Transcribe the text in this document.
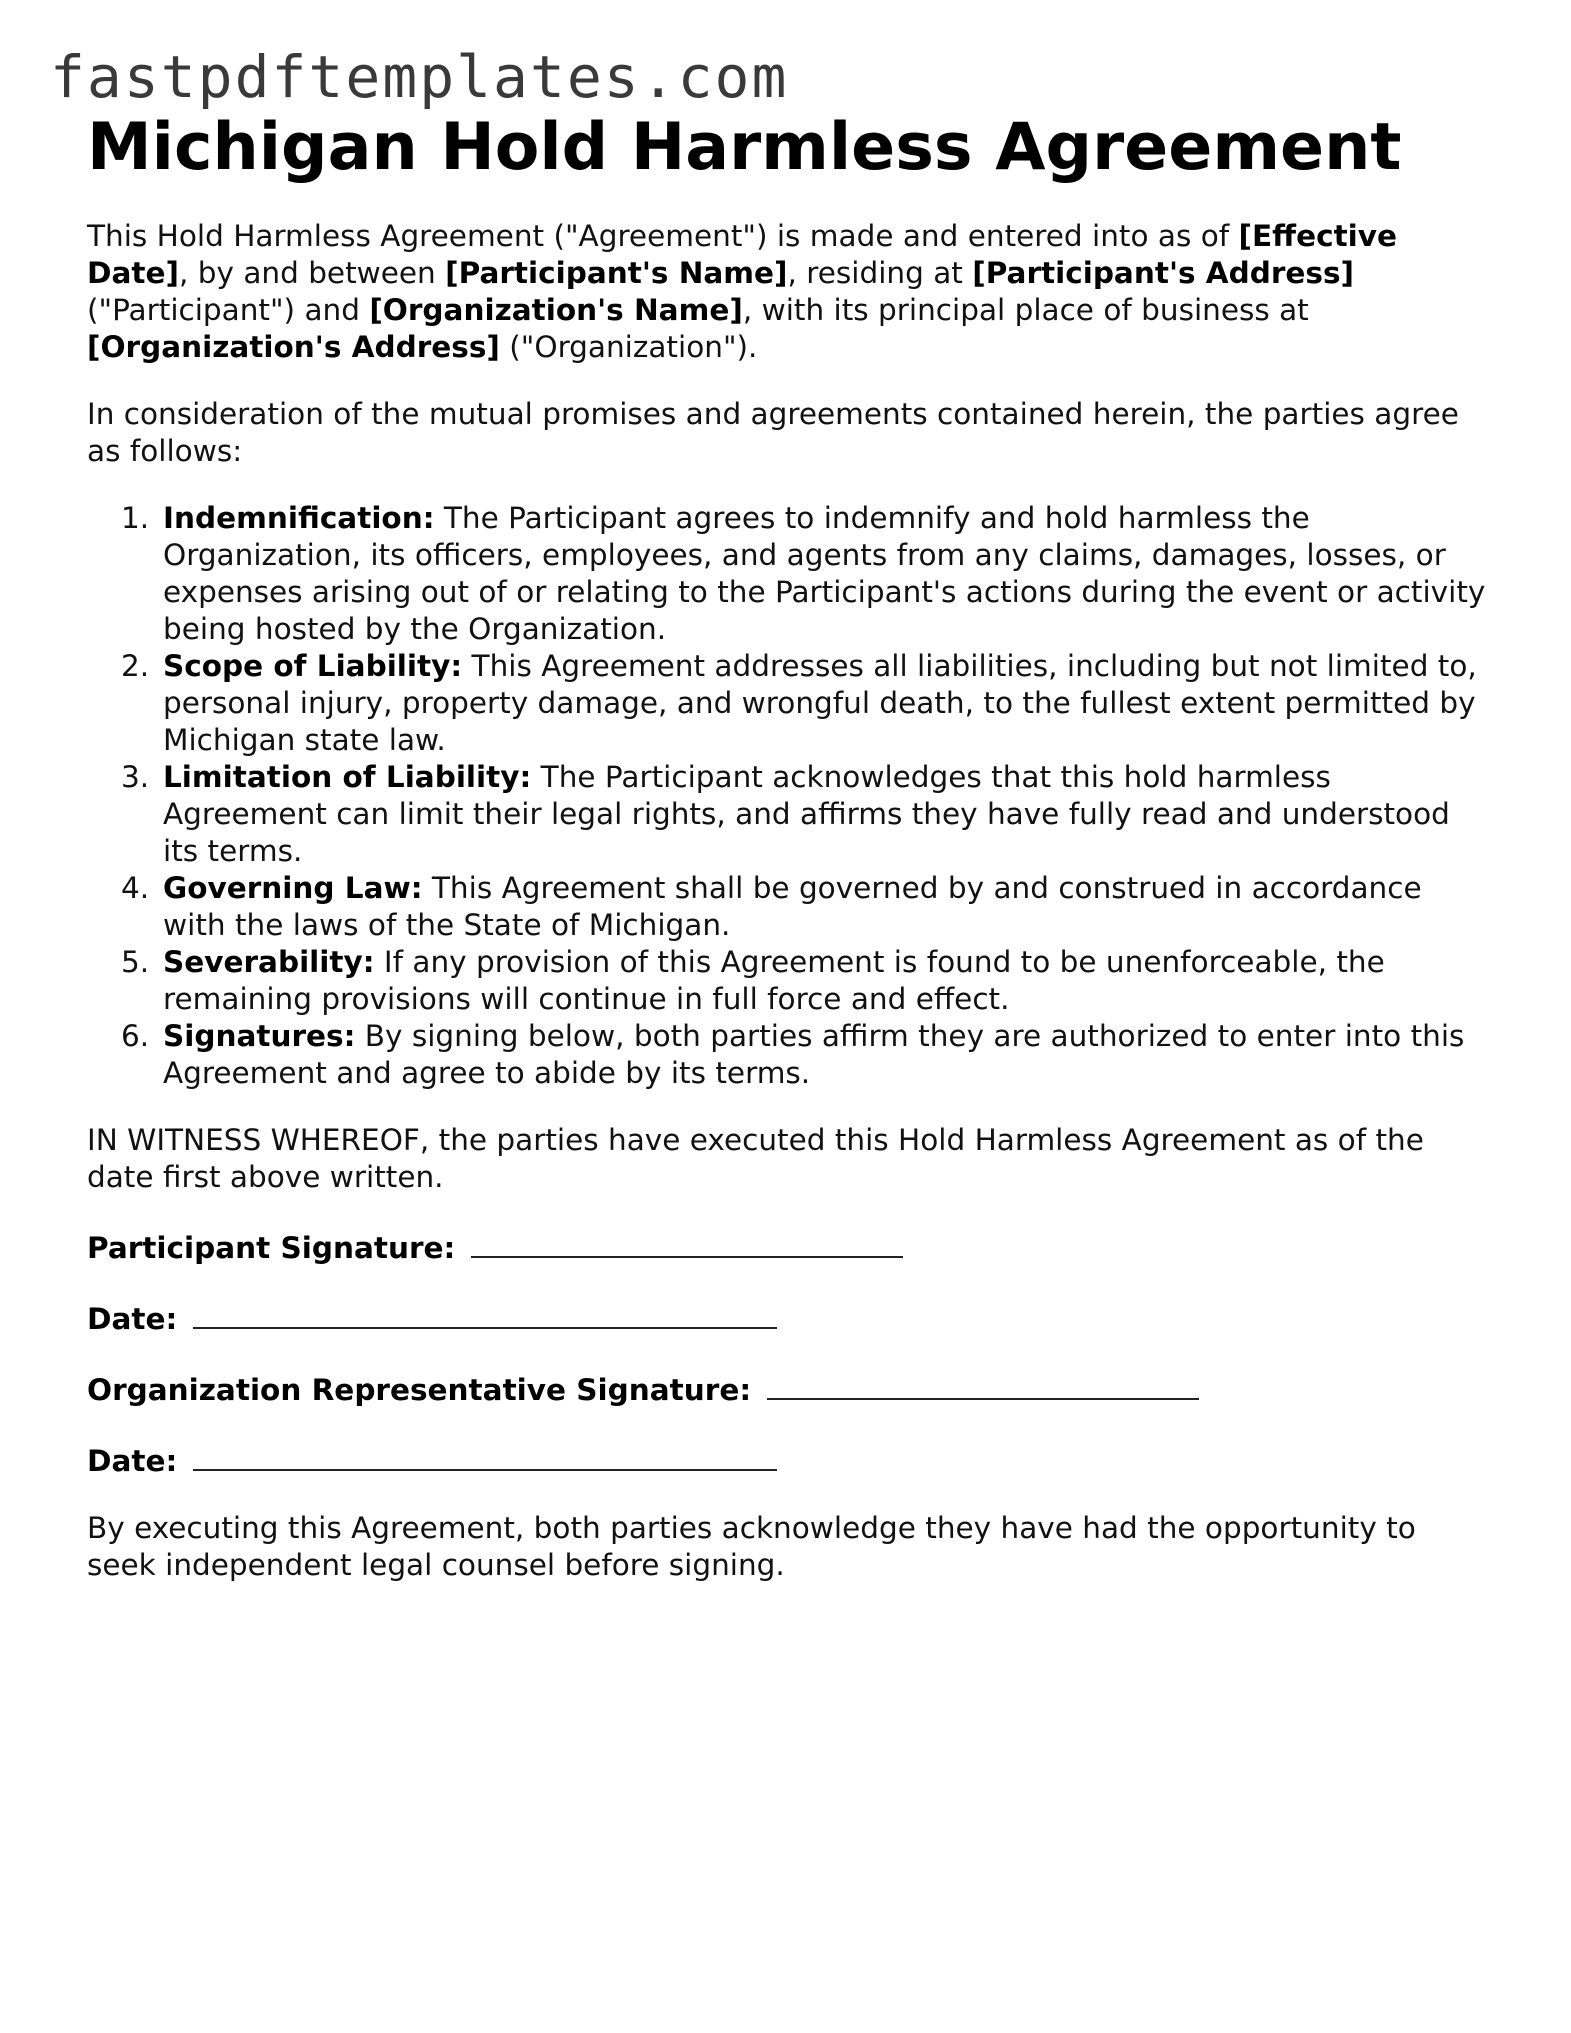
fastpdftemplates.com
Michigan Hold Harmless Agreement

This Hold Harmless Agreement ("Agreement") is made and entered into as of [Effective Date], by and between [Participant's Name], residing at [Participant's Address] ("Participant") and [Organization's Name], with its principal place of business at [Organization's Address] ("Organization").

In consideration of the mutual promises and agreements contained herein, the parties agree as follows:

1. Indemnification: The Participant agrees to indemnify and hold harmless the Organization, its officers, employees, and agents from any claims, damages, losses, or expenses arising out of or relating to the Participant's actions during the event or activity being hosted by the Organization.
2. Scope of Liability: This Agreement addresses all liabilities, including but not limited to, personal injury, property damage, and wrongful death, to the fullest extent permitted by Michigan state law.
3. Limitation of Liability: The Participant acknowledges that this hold harmless Agreement can limit their legal rights, and affirms they have fully read and understood its terms.
4. Governing Law: This Agreement shall be governed by and construed in accordance with the laws of the State of Michigan.
5. Severability: If any provision of this Agreement is found to be unenforceable, the remaining provisions will continue in full force and effect.
6. Signatures: By signing below, both parties affirm they are authorized to enter into this Agreement and agree to abide by its terms.

IN WITNESS WHEREOF, the parties have executed this Hold Harmless Agreement as of the date first above written.

Participant Signature:
Date:
Organization Representative Signature:
Date:

By executing this Agreement, both parties acknowledge they have had the opportunity to seek independent legal counsel before signing.
